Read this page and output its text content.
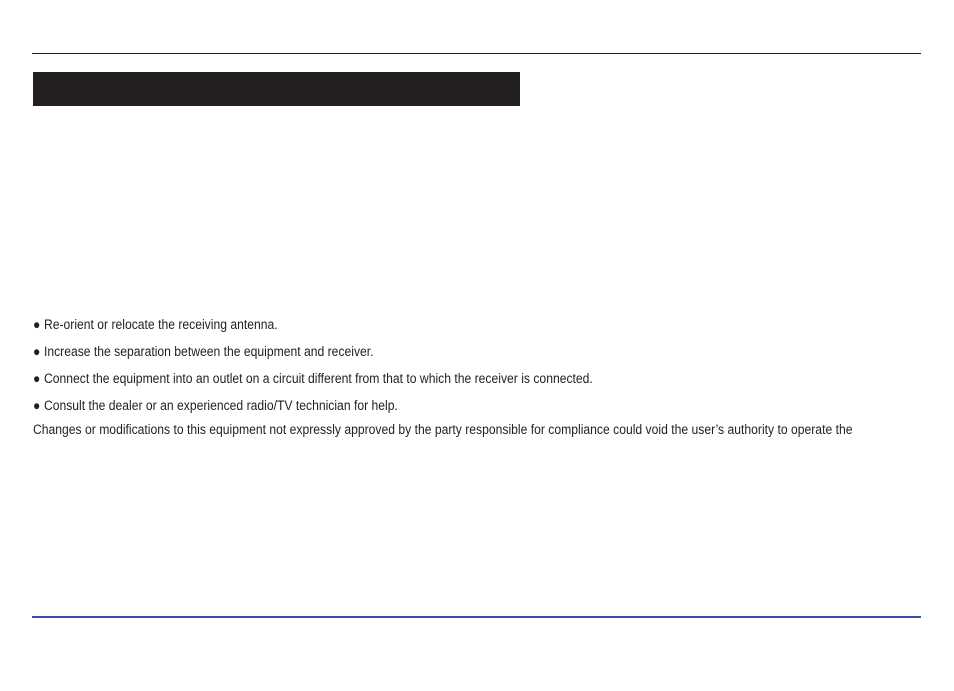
● Re-orient or relocate the receiving antenna.
● Increase the separation between the equipment and receiver.
● Connect the equipment into an outlet on a circuit different from that to which the receiver is connected.
● Consult the dealer or an experienced radio/TV technician for help.

Changes or modifications to this equipment not expressly approved by the party responsible for compliance could void the user’s authority to operate the
